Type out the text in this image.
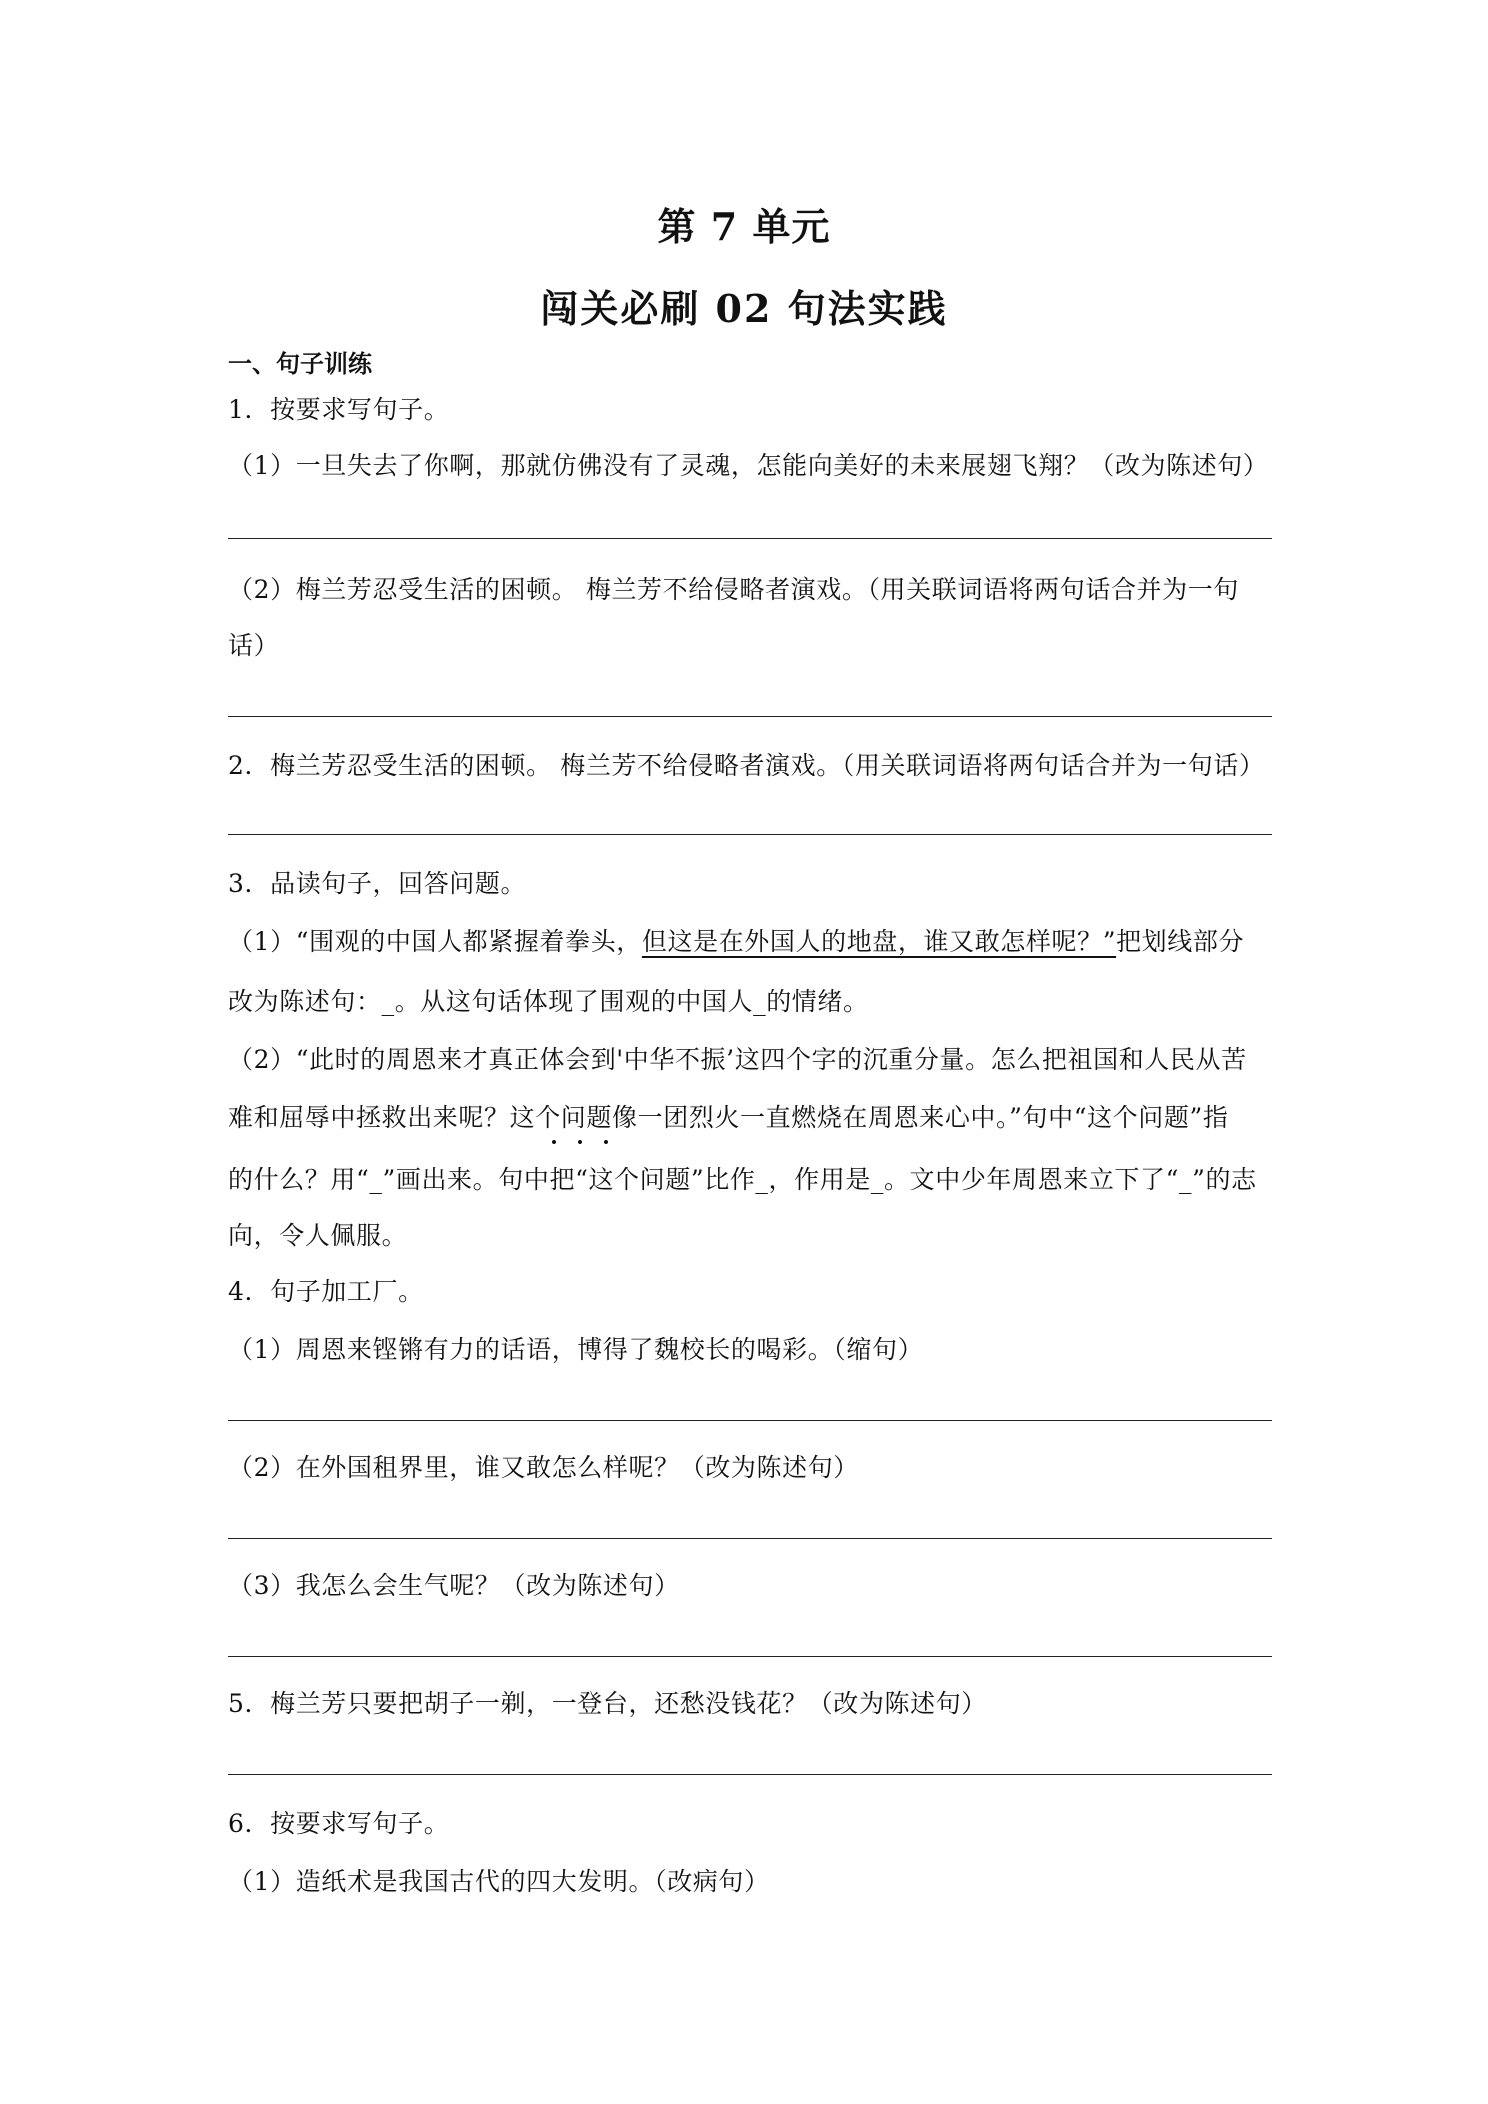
第 7 单元
闯关必刷 02 句法实践
一、句子训练
1．按要求写句子。
（1）一旦失去了你啊，那就仿佛没有了灵魂，怎能向美好的未来展翅飞翔？（改为陈述句）
（2）梅兰芳忍受生活的困顿。 梅兰芳不给侵略者演戏。（用关联词语将两句话合并为一句
话）
2．梅兰芳忍受生活的困顿。 梅兰芳不给侵略者演戏。（用关联词语将两句话合并为一句话）
3．品读句子，回答问题。
（1）“围观的中国人都紧握着拳头，但这是在外国人的地盘，谁又敢怎样呢？”把划线部分
改为陈述句：_。从这句话体现了围观的中国人_的情绪。
（2）“此时的周恩来才真正体会到'中华不振’这四个字的沉重分量。怎么把祖国和人民从苦
难和屈辱中拯救出来呢？这个问题像一团烈火一直燃烧在周恩来心中。”句中“这个问题”指
的什么？用“_”画出来。句中把“这个问题”比作_，作用是_。文中少年周恩来立下了“_”的志
向，令人佩服。
4．句子加工厂。
（1）周恩来铿锵有力的话语，博得了魏校长的喝彩。（缩句）
（2）在外国租界里，谁又敢怎么样呢？（改为陈述句）
（3）我怎么会生气呢？（改为陈述句）
5．梅兰芳只要把胡子一剃，一登台，还愁没钱花？（改为陈述句）
6．按要求写句子。
（1）造纸术是我国古代的四大发明。（改病句）
